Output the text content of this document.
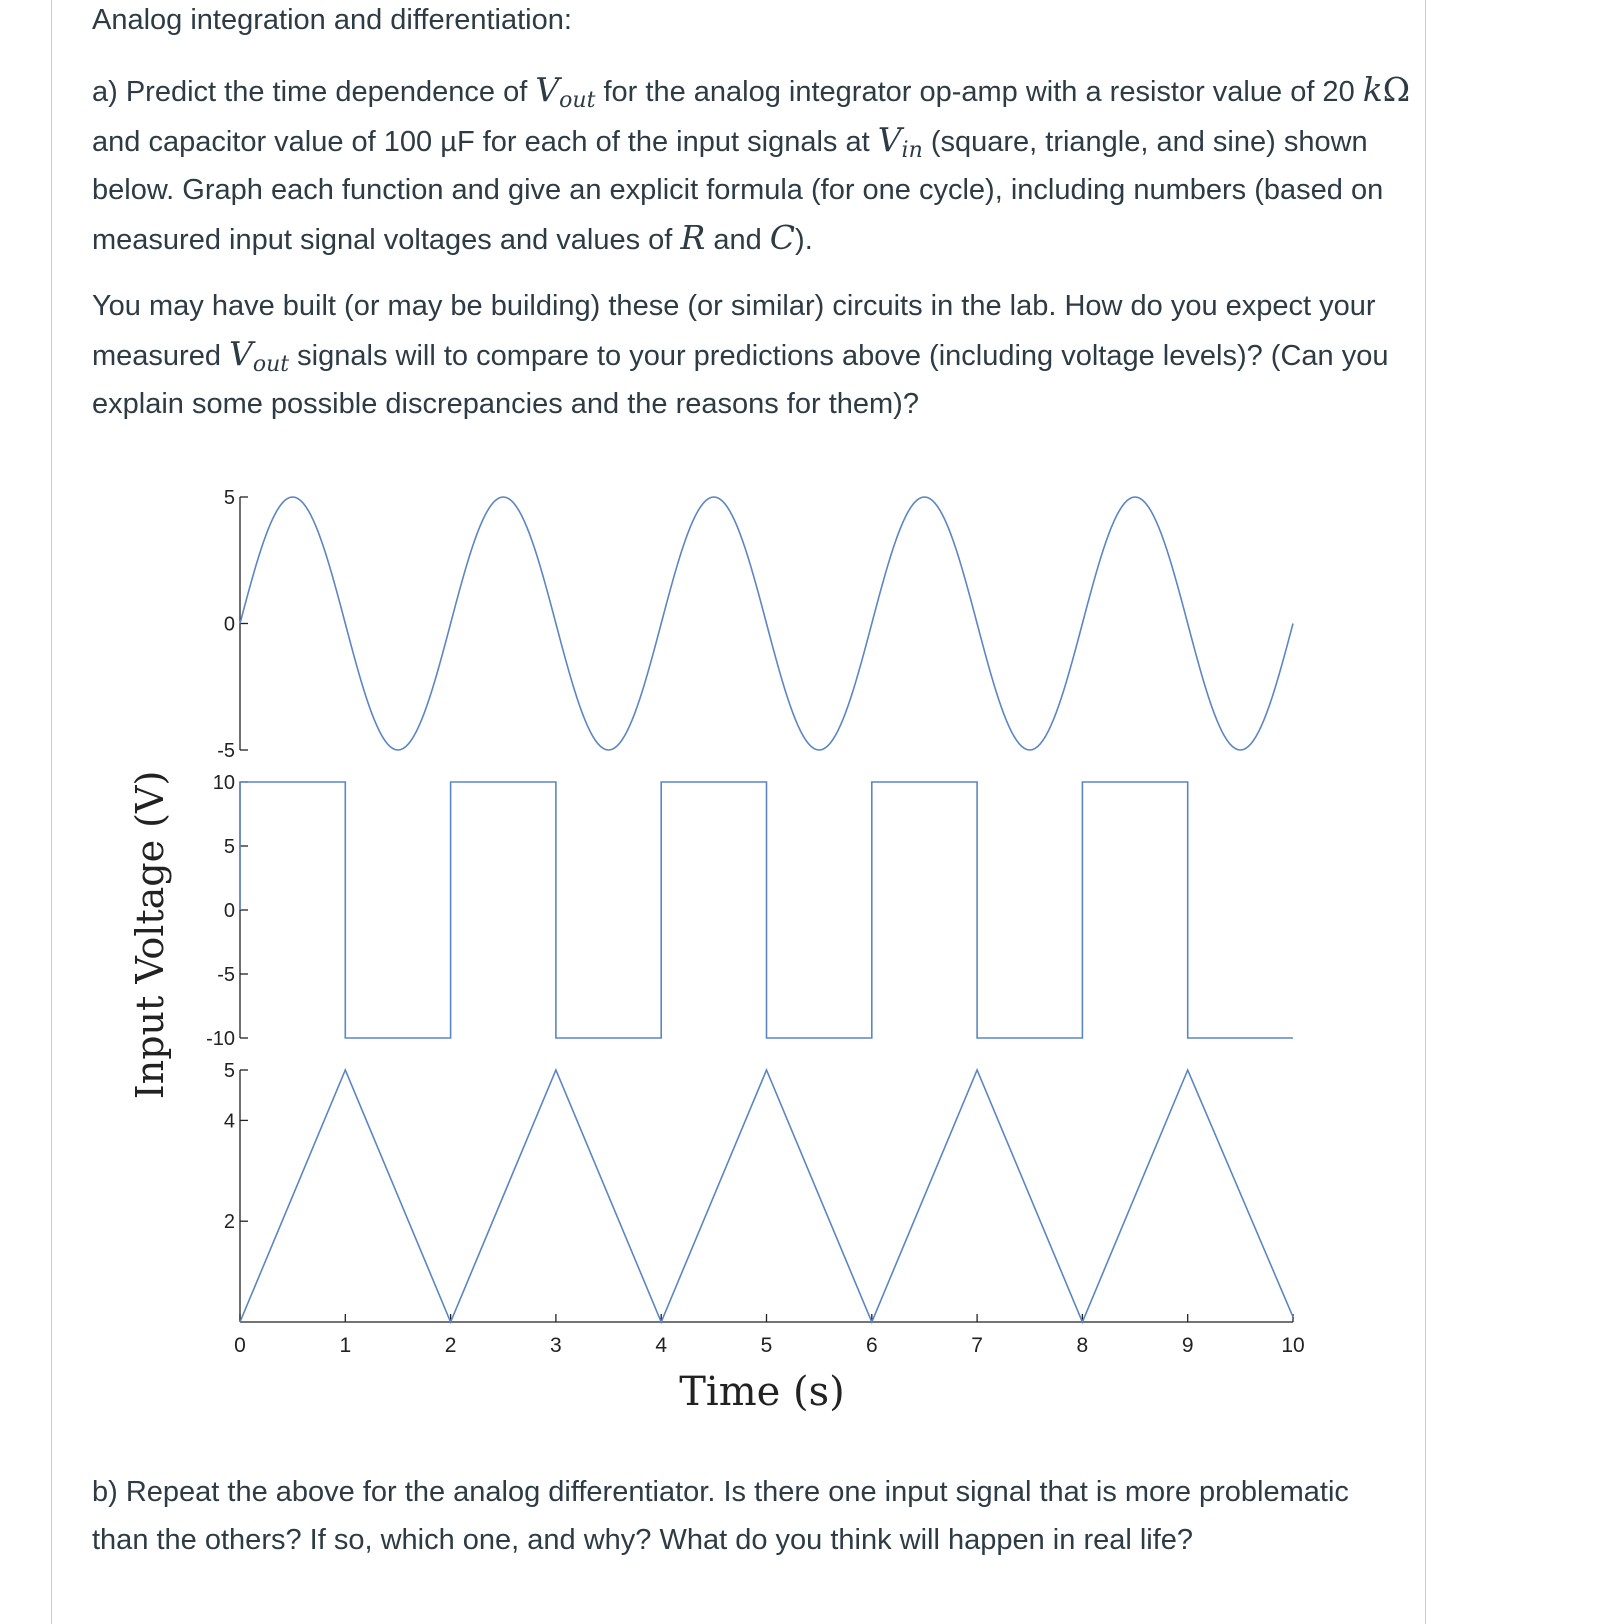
Analog integration and differentiation:

a) Predict the time dependence of $V_{out}$ for the analog integrator op-amp with a resistor value of 20 kΩ and capacitor value of 100 µF for each of the input signals at $V_{in}$ (square, triangle, and sine) shown below. Graph each function and give an explicit formula (for one cycle), including numbers (based on measured input signal voltages and values of R and C).

You may have built (or may be building) these (or similar) circuits in the lab. How do you expect your measured $V_{out}$ signals will to compare to your predictions above (including voltage levels)? (Can you explain some possible discrepancies and the reasons for them)?

5
0
-5
10
5
0
-5
-10
5
4
2
0	1	2	3	4	5	6	7	8	9	10
Time (s)
Input Voltage (V)

b) Repeat the above for the analog differentiator. Is there one input signal that is more problematic than the others? If so, which one, and why? What do you think will happen in real life?
